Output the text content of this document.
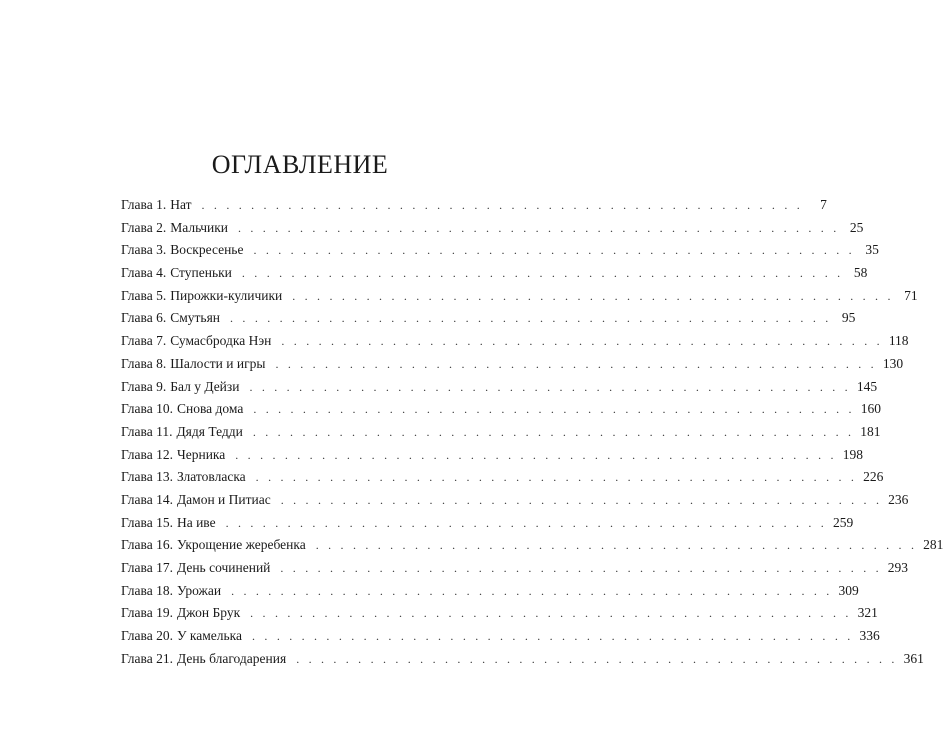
ОГЛАВЛЕНИЕ
Глава 1. Нат . . . . . . . . . . . . . . . . . . . . . . . . . . . . . . . . . . . . . . . . . . . . . . . . .	7
Глава 2. Мальчики . . . . . . . . . . . . . . . . . . . . . . . . . . . . . . . . . . . . . . . . . . . . . . . . . 25
Глава 3. Воскресенье . . . . . . . . . . . . . . . . . . . . . . . . . . . . . . . . . . . . . . . . . . . . . . . . . 35
Глава 4. Ступеньки . . . . . . . . . . . . . . . . . . . . . . . . . . . . . . . . . . . . . . . . . . . . . . . . . 58
Глава 5. Пирожки-куличики . . . . . . . . . . . . . . . . . . . . . . . . . . . . . . . . . . . . . . . . . . . . . . . . . 71
Глава 6. Смутьян . . . . . . . . . . . . . . . . . . . . . . . . . . . . . . . . . . . . . . . . . . . . . . . . . 95
Глава 7. Сумасбродка Нэн . . . . . . . . . . . . . . . . . . . . . . . . . . . . . . . . . . . . . . . . . . . . . . . . . 118
Глава 8. Шалости и игры . . . . . . . . . . . . . . . . . . . . . . . . . . . . . . . . . . . . . . . . . . . . . . . . . 130
Глава 9. Бал у Дейзи . . . . . . . . . . . . . . . . . . . . . . . . . . . . . . . . . . . . . . . . . . . . . . . . . 145
Глава 10. Снова дома . . . . . . . . . . . . . . . . . . . . . . . . . . . . . . . . . . . . . . . . . . . . . . . . . 160
Глава 11. Дядя Тедди . . . . . . . . . . . . . . . . . . . . . . . . . . . . . . . . . . . . . . . . . . . . . . . . . 181
Глава 12. Черника . . . . . . . . . . . . . . . . . . . . . . . . . . . . . . . . . . . . . . . . . . . . . . . . . 198
Глава 13. Златовласка . . . . . . . . . . . . . . . . . . . . . . . . . . . . . . . . . . . . . . . . . . . . . . . . . 226
Глава 14. Дамон и Питиас . . . . . . . . . . . . . . . . . . . . . . . . . . . . . . . . . . . . . . . . . . . . . . . . . 236
Глава 15. На иве . . . . . . . . . . . . . . . . . . . . . . . . . . . . . . . . . . . . . . . . . . . . . . . . . 259
Глава 16. Укрощение жеребенка . . . . . . . . . . . . . . . . . . . . . . . . . . . . . . . . . . . . . . . . . . . . . . . . . 281
Глава 17. День сочинений . . . . . . . . . . . . . . . . . . . . . . . . . . . . . . . . . . . . . . . . . . . . . . . . . 293
Глава 18. Урожаи . . . . . . . . . . . . . . . . . . . . . . . . . . . . . . . . . . . . . . . . . . . . . . . . . 309
Глава 19. Джон Брук . . . . . . . . . . . . . . . . . . . . . . . . . . . . . . . . . . . . . . . . . . . . . . . . . 321
Глава 20. У камелька . . . . . . . . . . . . . . . . . . . . . . . . . . . . . . . . . . . . . . . . . . . . . . . . . 336
Глава 21. День благодарения . . . . . . . . . . . . . . . . . . . . . . . . . . . . . . . . . . . . . . . . . . . . . . . . . 361
